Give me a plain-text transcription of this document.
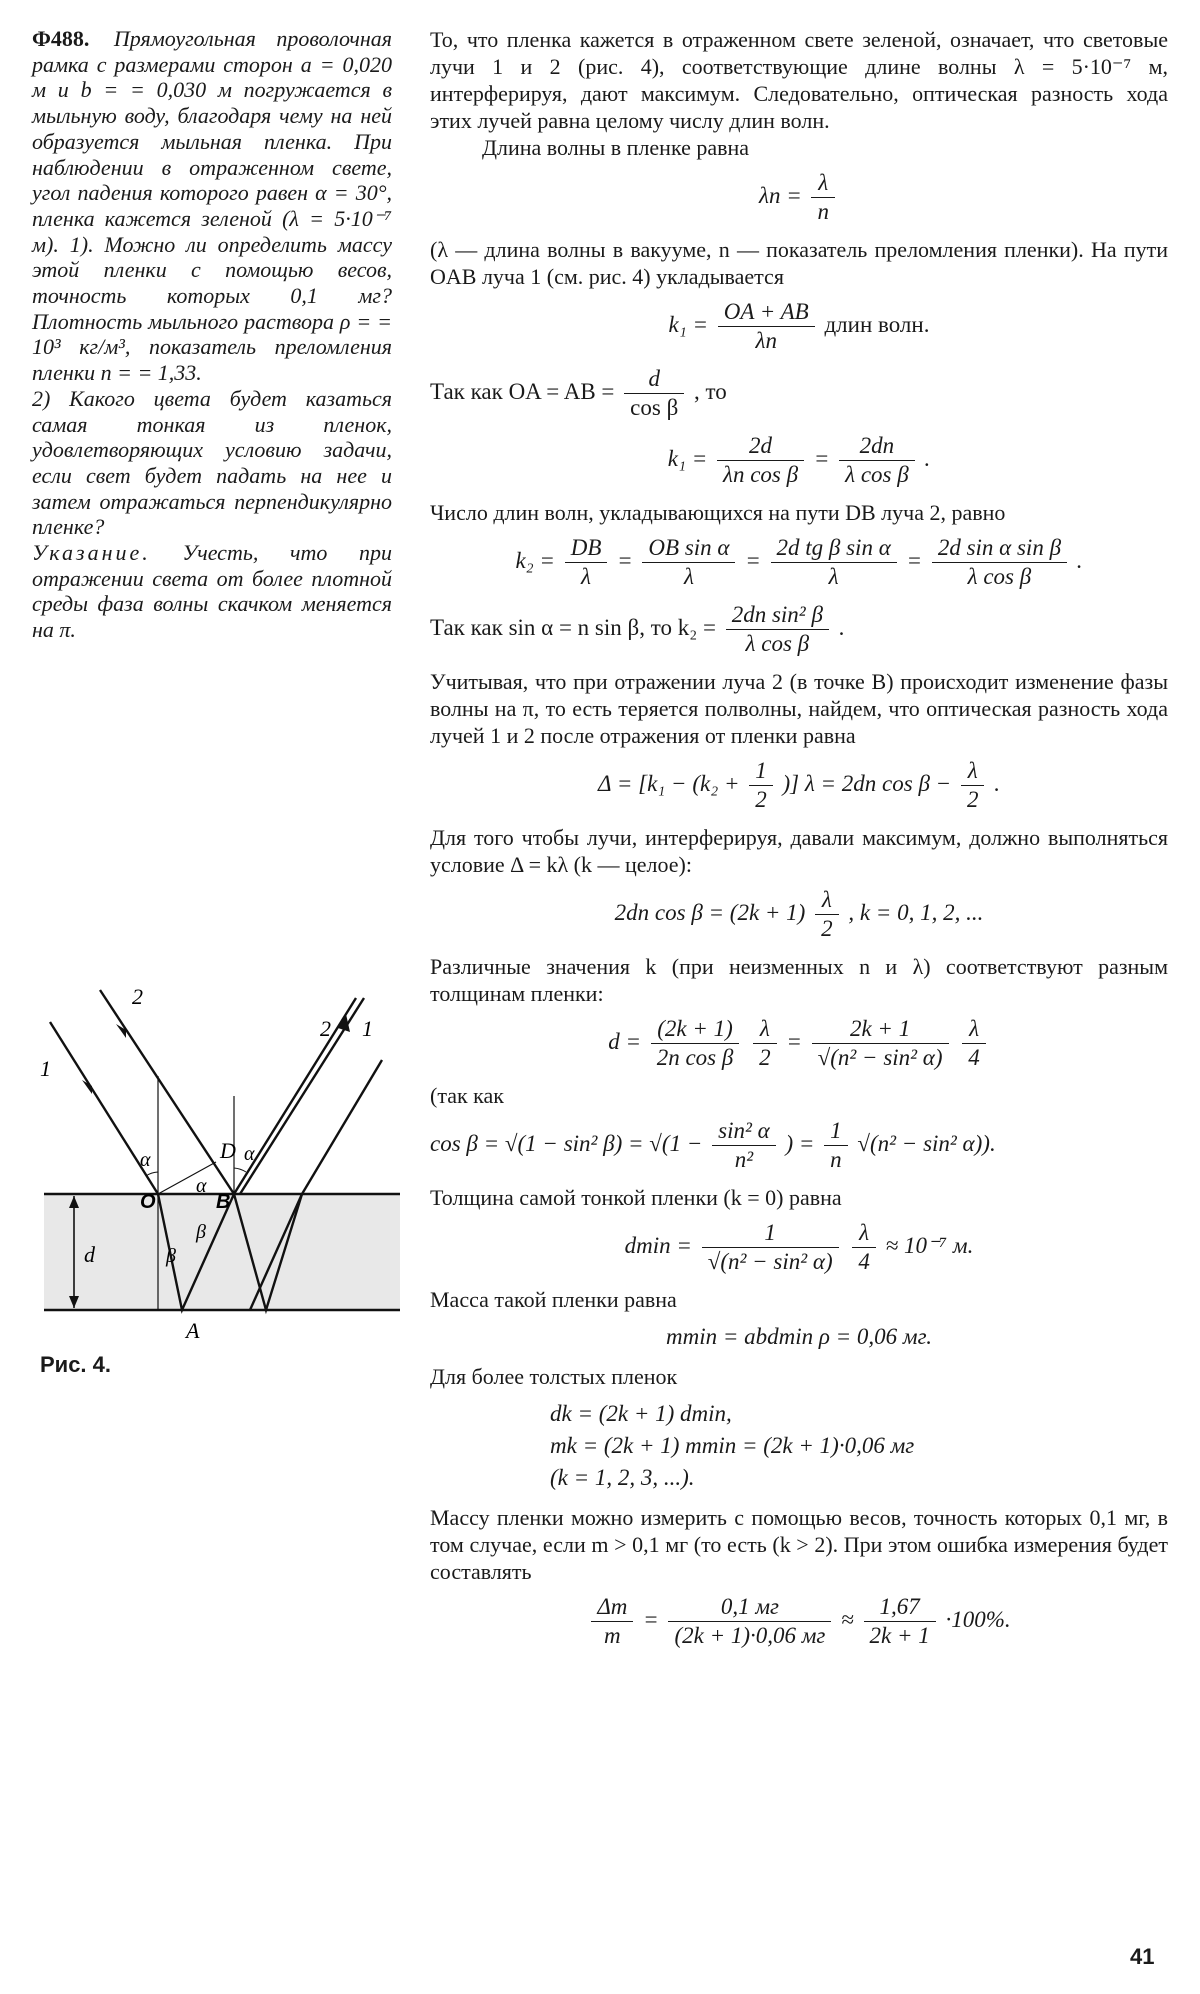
Ф488. Прямоугольная проволочная рамка с размерами сторон a = 0,020 м и b = = 0,030 м погружается в мыльную воду, благодаря чему на ней образуется мыльная пленка. При наблюдении в отраженном свете, угол падения которого равен α = 30°, пленка кажется зеленой (λ = 5·10⁻⁷ м). 1). Можно ли определить массу этой пленки с помощью весов, точность которых 0,1 мг? Плотность мыльного раствора ρ = = 10³ кг/м³, показатель преломления пленки n = = 1,33.

2) Какого цвета будет казаться самая тонкая из пленок, удовлетворяющих условию задачи, если свет будет падать на нее и затем отражаться перпендикулярно пленке?

Указание. Учесть, что при отражении света от более плотной среды фаза волны скачком меняется на π.

1
2
2 1
O	B
A
D
α	α
α
β
β
d
Рис. 4.

То, что пленка кажется в отраженном свете зеленой, означает, что световые лучи 1 и 2 (рис. 4), соответствующие длине волны λ = 5·10⁻⁷ м, интерферируя, дают максимум. Следовательно, оптическая разность хода этих лучей равна целому числу длин волн.

Длина волны в пленке равна

$\lambda п = \frac{\lambda}{n}$

(λ — длина волны в вакууме, n — показатель преломления пленки). На пути OAB луча 1 (см. рис. 4) укладывается

$k_1 = \frac{OA + AB}{\lambda п}$ длин волн.
Так как OA = AB = $\frac{d}{\text{cos β}}$ , то
$k_1 = \frac{2d}{\text{λп cos β}} = \frac{2dn}{\text{λ cos β}}$ .

Число длин волн, укладывающихся на пути DB луча 2, равно

$k_2 = \frac{DB}{\lambda} = \frac{\text{OB sin α}}{\lambda} = \frac{\text{2d tg β sin α}}{\lambda} = \frac{\text{2d sin α sin β}}{\text{λ cos β}}$ .
Так как sin α = n sin β, то $k_2 = \frac{\text{2dn sin² β}}{\text{λ cos β}}$ .

Учитывая, что при отражении луча 2 (в точке B) происходит изменение фазы волны на π, то есть теряется полволны, найдем, что оптическая разность хода лучей 1 и 2 после отражения от пленки равна

$\Delta = [k_1 - (k_2 + \frac{1}{2}$ )] λ = 2dn $\cos \beta - \frac{\lambda}{2}$ .

Для того чтобы лучи, интерферируя, давали максимум, должно выполняться условие Δ = kλ (k — целое):

2dn $\cos \beta = (2k + 1) \frac{\lambda}{2}$ , k = 0, 1, 2, ...

Различные значения k (при неизменных n и λ) соответствуют разным толщинам пленки:

$d = \frac{(2k + 1)}{\text{2n cos β}}$
$\frac{\lambda}{2} = \frac{2k + 1}{\text{√(n² − sin² α)}}$
$\frac{\lambda}{4}$

(так как

cos β = √(1 − sin² $\beta) = √(1 - \frac{\text{sin² α}}{\text{n²}}$ ) = $\frac{1}{n} √(n^2 - \sin^2$ α)).

Толщина самой тонкой пленки (k = 0) равна

$dmin = \frac{1}{\text{√(n² − sin² α)}}$
$\frac{\lambda}{4} \approx 10^{-7}$ м.

Масса такой пленки равна

mmin = abdmin ρ = 0,06 мг.

Для более толстых пленок

dk = (2k + 1) dmin,
mk = (2k + 1) mmin = (2k + 1)·0,06 мг
(k = 1, 2, 3, ...).

Массу пленки можно измерить с помощью весов, точность которых 0,1 мг, в том случае, если m > 0,1 мг (то есть (k > 2). При этом ошибка измерения будет составлять

$\frac{\Delta m}{m} = \frac{0,1 мг}{(2k + 1)\cdot 0,06 мг} \approx \frac{1,67}{2k + 1} \cdot 100\%$.
41
